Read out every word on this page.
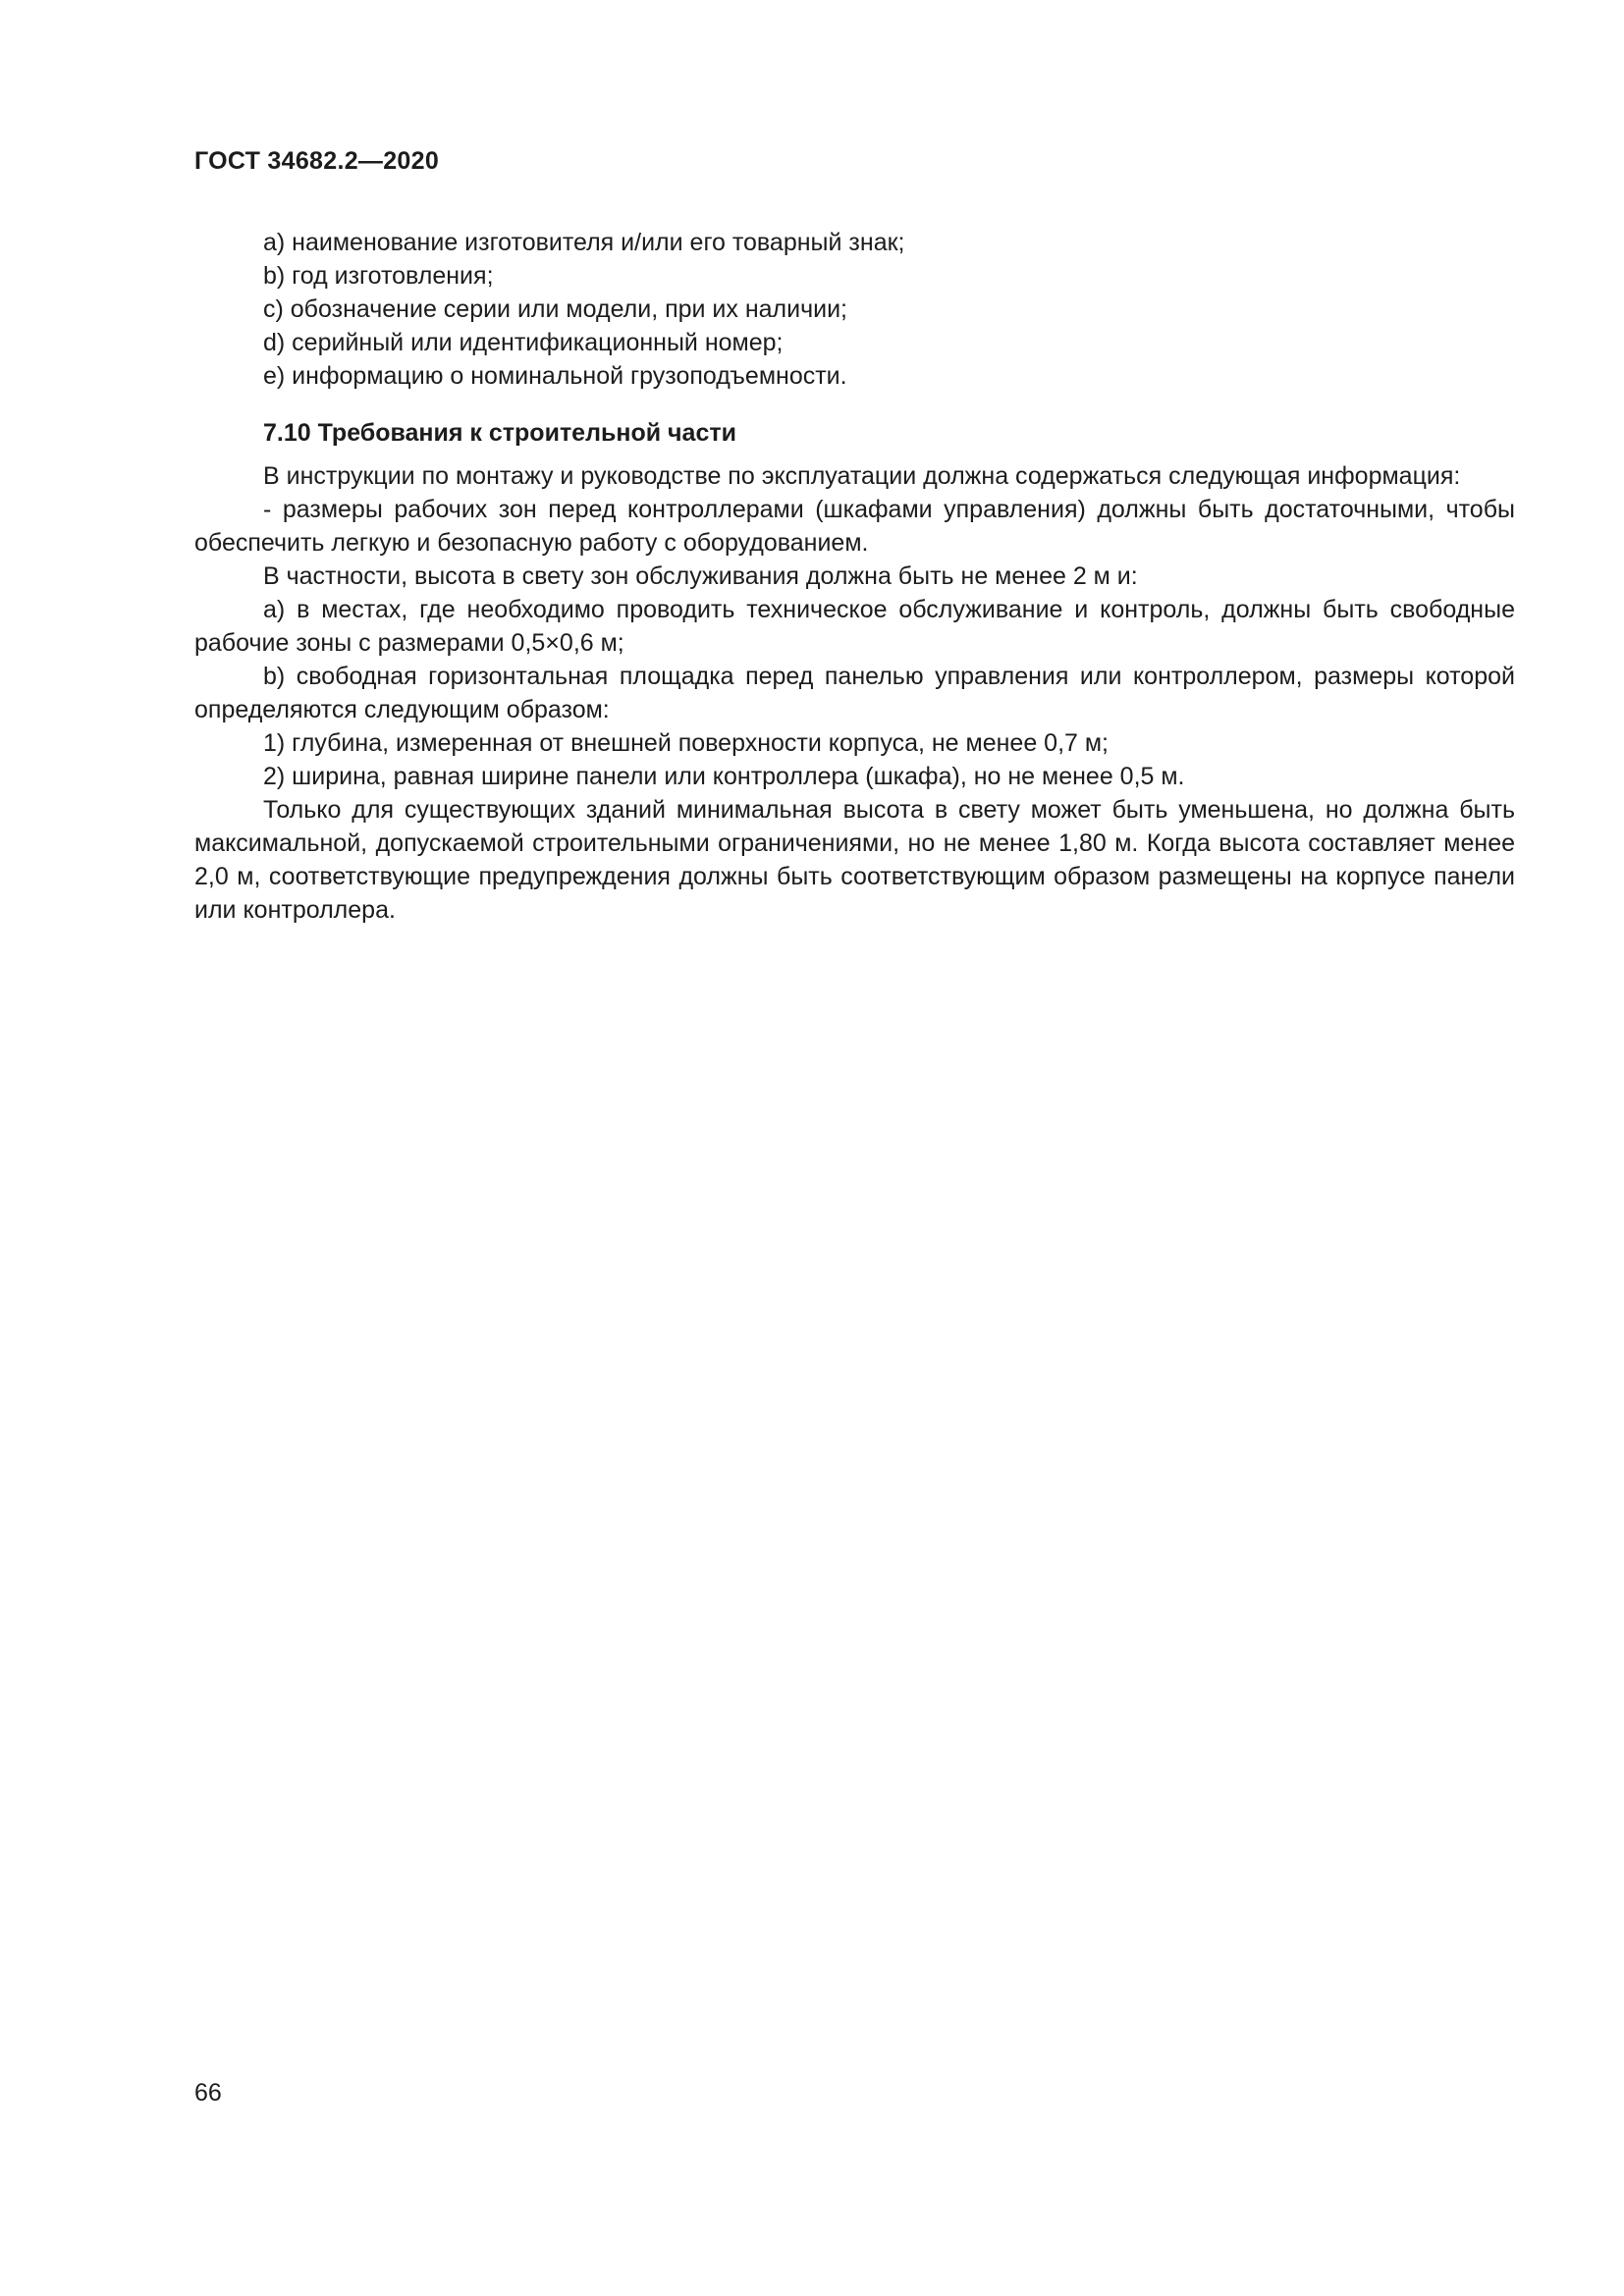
ГОСТ 34682.2—2020

a) наименование изготовителя и/или его товарный знак;

b) год изготовления;

c) обозначение серии или модели, при их наличии;

d) серийный или идентификационный номер;

e) информацию о номинальной грузоподъемности.

7.10 Требования к строительной части

В инструкции по монтажу и руководстве по эксплуатации должна содержаться следующая информация:

- размеры рабочих зон перед контроллерами (шкафами управления) должны быть достаточными, чтобы обеспечить легкую и безопасную работу с оборудованием.

В частности, высота в свету зон обслуживания должна быть не менее 2 м и:

a) в местах, где необходимо проводить техническое обслуживание и контроль, должны быть свободные рабочие зоны с размерами 0,5×0,6 м;

b) свободная горизонтальная площадка перед панелью управления или контроллером, размеры которой определяются следующим образом:

1) глубина, измеренная от внешней поверхности корпуса, не менее 0,7 м;

2) ширина, равная ширине панели или контроллера (шкафа), но не менее 0,5 м.

Только для существующих зданий минимальная высота в свету может быть уменьшена, но должна быть максимальной, допускаемой строительными ограничениями, но не менее 1,80 м. Когда высота составляет менее 2,0 м, соответствующие предупреждения должны быть соответствующим образом размещены на корпусе панели или контроллера.

66
